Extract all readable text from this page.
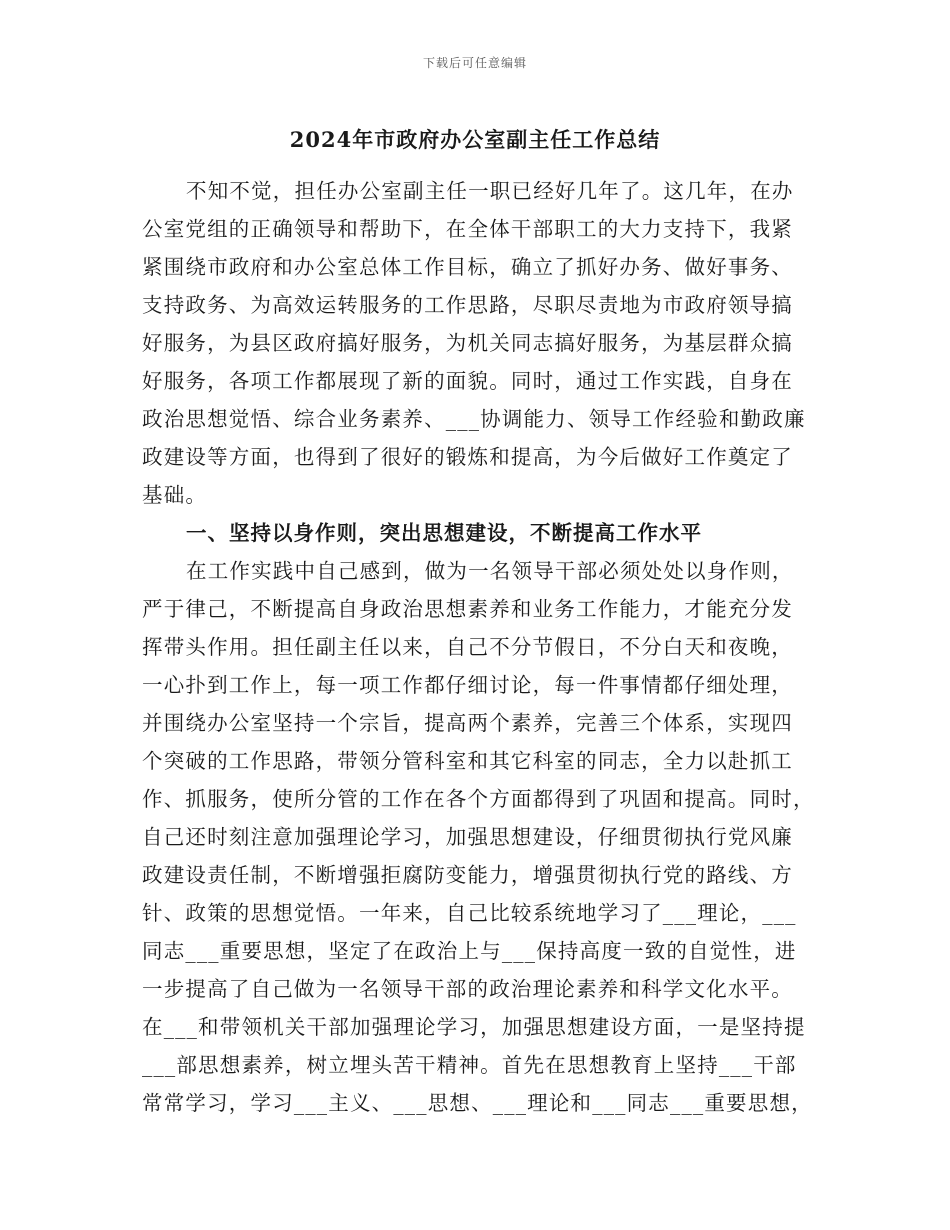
下载后可任意编辑
2024年市政府办公室副主任工作总结
不知不觉，担任办公室副主任一职已经好几年了。这几年，在办
公室党组的正确领导和帮助下，在全体干部职工的大力支持下，我紧
紧围绕市政府和办公室总体工作目标，确立了抓好办务、做好事务、
支持政务、为高效运转服务的工作思路，尽职尽责地为市政府领导搞
好服务，为县区政府搞好服务，为机关同志搞好服务，为基层群众搞
好服务，各项工作都展现了新的面貌。同时，通过工作实践，自身在
政治思想觉悟、综合业务素养、___协调能力、领导工作经验和勤政廉
政建设等方面，也得到了很好的锻炼和提高，为今后做好工作奠定了
基础。
一、坚持以身作则，突出思想建设，不断提高工作水平
在工作实践中自己感到，做为一名领导干部必须处处以身作则，
严于律己，不断提高自身政治思想素养和业务工作能力，才能充分发
挥带头作用。担任副主任以来，自己不分节假日，不分白天和夜晚，
一心扑到工作上，每一项工作都仔细讨论，每一件事情都仔细处理，
并围绕办公室坚持一个宗旨，提高两个素养，完善三个体系，实现四
个突破的工作思路，带领分管科室和其它科室的同志，全力以赴抓工
作、抓服务，使所分管的工作在各个方面都得到了巩固和提高。同时，
自己还时刻注意加强理论学习，加强思想建设，仔细贯彻执行党风廉
政建设责任制，不断增强拒腐防变能力，增强贯彻执行党的路线、方
针、政策的思想觉悟。一年来，自己比较系统地学习了___理论，___
同志___重要思想，坚定了在政治上与___保持高度一致的自觉性，进
一步提高了自己做为一名领导干部的政治理论素养和科学文化水平。
在___和带领机关干部加强理论学习，加强思想建设方面，一是坚持提
___部思想素养，树立埋头苦干精神。首先在思想教育上坚持___干部
常常学习，学习___主义、___思想、___理论和___同志___重要思想，
